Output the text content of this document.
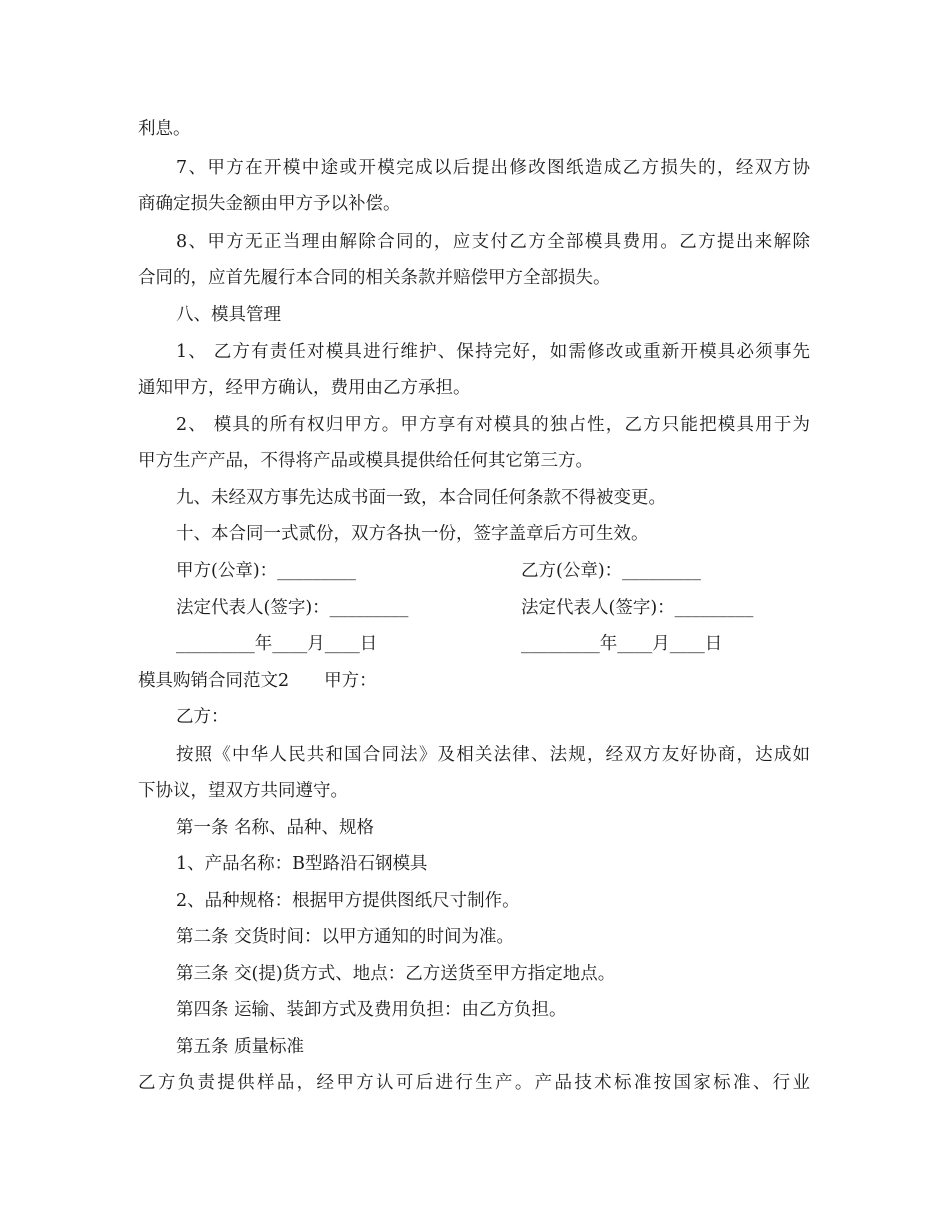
利息。
7、甲方在开模中途或开模完成以后提出修改图纸造成乙方损失的，经双方协
商确定损失金额由甲方予以补偿。
8、甲方无正当理由解除合同的，应支付乙方全部模具费用。乙方提出来解除
合同的，应首先履行本合同的相关条款并赔偿甲方全部损失。
八、模具管理
1、 乙方有责任对模具进行维护、保持完好，如需修改或重新开模具必须事先
通知甲方，经甲方确认，费用由乙方承担。
2、 模具的所有权归甲方。甲方享有对模具的独占性，乙方只能把模具用于为
甲方生产产品，不得将产品或模具提供给任何其它第三方。
九、未经双方事先达成书面一致，本合同任何条款不得被变更。
十、本合同一式贰份，双方各执一份，签字盖章后方可生效。
甲方(公章)：_________	乙方(公章)：_________
法定代表人(签字)：_________	法定代表人(签字)：_________
_________年____月____日	_________年____月____日
模具购销合同范文2　　甲方：
乙方：
按照《中华人民共和国合同法》及相关法律、法规，经双方友好协商，达成如
下协议，望双方共同遵守。
第一条 名称、品种、规格
1、产品名称：B型路沿石钢模具
2、品种规格：根据甲方提供图纸尺寸制作。
第二条 交货时间：以甲方通知的时间为准。
第三条 交(提)货方式、地点：乙方送货至甲方指定地点。
第四条 运输、装卸方式及费用负担：由乙方负担。
第五条 质量标准
乙方负责提供样品，经甲方认可后进行生产。产品技术标准按国家标准、行业
